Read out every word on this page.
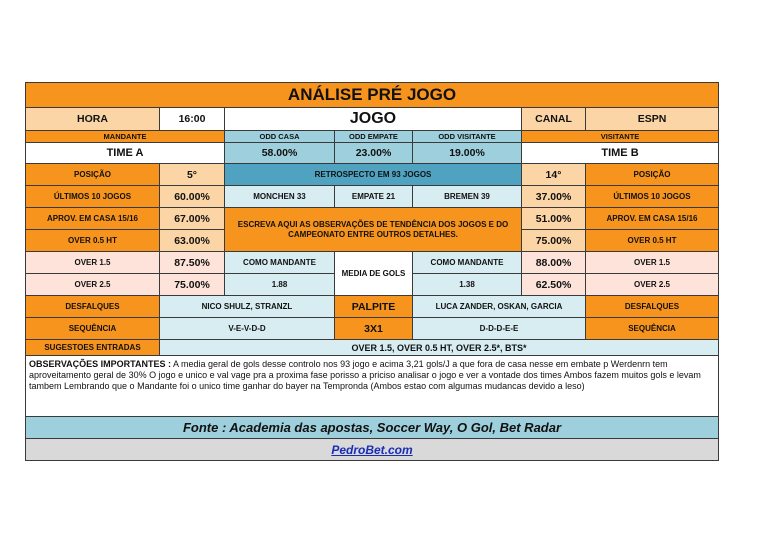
ANÁLISE PRÉ JOGO						
HORA	16:00	JOGO			CANAL	ESPN
MANDANTE		ODD CASA	ODD EMPATE	ODD VISITANTE	VISITANTE	
TIME A		58.00%	23.00%	19.00%	TIME B	
POSIÇÃO	5°	RETROSPECTO EM 93 JOGOS			14°	POSIÇÃO
ÚLTIMOS 10 JOGOS	60.00%	MONCHEN 33	EMPATE 21	BREMEN 39	37.00%	ÚLTIMOS 10 JOGOS
APROV. EM CASA 15/16	67.00%	ESCREVA AQUI AS OBSERVAÇÕES DE TENDÊNCIA DOS JOGOS E DO CAMPEONATO ENTRE OUTROS DETALHES.			51.00%	APROV. EM CASA 15/16
OVER 0.5 HT	63.00%				75.00%	OVER 0.5 HT
OVER 1.5	87.50%	COMO MANDANTE	MEDIA DE GOLS	COMO MANDANTE	88.00%	OVER 1.5
OVER 2.5	75.00%	1.88		1.38	62.50%	OVER 2.5
DESFALQUES	NICO SHULZ, STRANZL		PALPITE	LUCA ZANDER, OSKAN, GARCIA		DESFALQUES
SEQUÊNCIA	V-E-V-D-D		3X1	D-D-D-E-E		SEQUÊNCIA
SUGESTOES ENTRADAS	OVER 1.5, OVER 0.5 HT, OVER 2.5*, BTS*					
OBSERVAÇÕES IMPORTANTES : A media geral de gols desse controlo nos 93 jogo e acima 3,21 gols/J a que fora de casa nesse em embate p Werdenrn tem aproveitamento geral de 30% O jogo e unico e val vage pra a proxima fase porisso a priciso analisar o jogo e ver a vontade dos times Ambos fazem muitos gols e levam tambem Lembrando que o Mandante foi o unico time ganhar do bayer na Tempronda (Ambos estao com algumas mudancas devido a leso)						
Fonte : Academia das apostas, Soccer Way, O Gol, Bet Radar						
PedroBet.com						
